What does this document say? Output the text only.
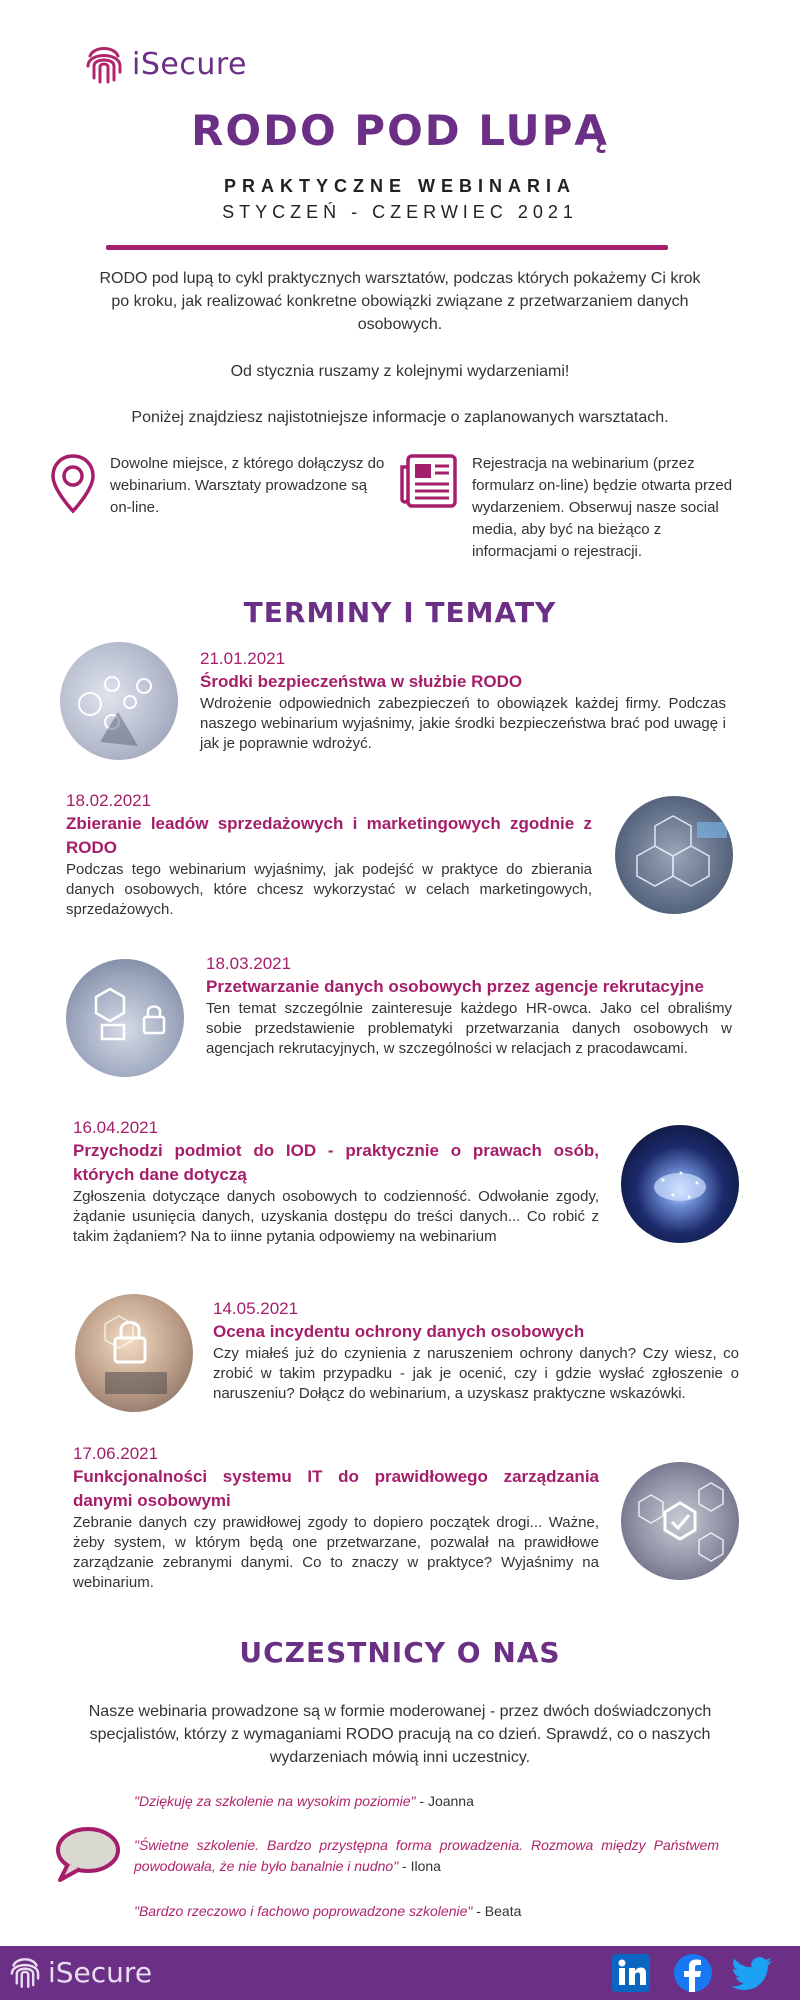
iSecure
RODO POD LUPĄ
PRAKTYCZNE WEBINARIA
STYCZEŃ - CZERWIEC 2021
RODO pod lupą to cykl praktycznych warsztatów, podczas których pokażemy Ci krok po kroku, jak realizować konkretne obowiązki związane z przetwarzaniem danych osobowych.
Od stycznia ruszamy z kolejnymi wydarzeniami!
Poniżej znajdziesz najistotniejsze informacje o zaplanowanych warsztatach.
Dowolne miejsce, z którego dołączysz do webinarium. Warsztaty prowadzone są on-line.
Rejestracja na webinarium (przez formularz on-line) będzie otwarta przed wydarzeniem. Obserwuj nasze social media, aby być na bieżąco z informacjami o rejestracji.
TERMINY I TEMATY
21.01.2021
Środki bezpieczeństwa w służbie RODO
Wdrożenie odpowiednich zabezpieczeń to obowiązek każdej firmy. Podczas naszego webinarium wyjaśnimy, jakie środki bezpieczeństwa brać pod uwagę i jak je poprawnie wdrożyć.
18.02.2021
Zbieranie leadów sprzedażowych i marketingowych zgodnie z RODO
Podczas tego webinarium wyjaśnimy, jak podejść w praktyce do zbierania danych osobowych, które chcesz wykorzystać w celach marketingowych, sprzedażowych.
18.03.2021
Przetwarzanie danych osobowych przez agencje rekrutacyjne
Ten temat szczególnie zainteresuje każdego HR-owca. Jako cel obraliśmy sobie przedstawienie problematyki przetwarzania danych osobowych w agencjach rekrutacyjnych, w szczególności w relacjach z pracodawcami.
16.04.2021
Przychodzi podmiot do IOD - praktycznie o prawach osób, których dane dotyczą
Zgłoszenia dotyczące danych osobowych to codzienność. Odwołanie zgody, żądanie usunięcia danych, uzyskania dostępu do treści danych... Co robić z takim żądaniem? Na to iinne pytania odpowiemy na webinarium
14.05.2021
Ocena incydentu ochrony danych osobowych
Czy miałeś już do czynienia z naruszeniem ochrony danych? Czy wiesz, co zrobić w takim przypadku - jak je ocenić, czy i gdzie wysłać zgłoszenie o naruszeniu? Dołącz do webinarium, a uzyskasz praktyczne wskazówki.
17.06.2021
Funkcjonalności systemu IT do prawidłowego zarządzania danymi osobowymi
Zebranie danych czy prawidłowej zgody to dopiero początek drogi... Ważne, żeby system, w którym będą one przetwarzane, pozwalał na prawidłowe zarządzanie zebranymi danymi. Co to znaczy w praktyce? Wyjaśnimy na webinarium.
UCZESTNICY O NAS
Nasze webinaria prowadzone są w formie moderowanej - przez dwóch doświadczonych specjalistów, którzy z wymaganiami RODO pracują na co dzień. Sprawdź, co o naszych wydarzeniach mówią inni uczestnicy.
"Dziękuję za szkolenie na wysokim poziomie" - Joanna
"Świetne szkolenie. Bardzo przystępna forma prowadzenia. Rozmowa między Państwem powodowała, że nie było banalnie i nudno" - Ilona
"Bardzo rzeczowo i fachowo poprowadzone szkolenie" - Beata
iSecure
